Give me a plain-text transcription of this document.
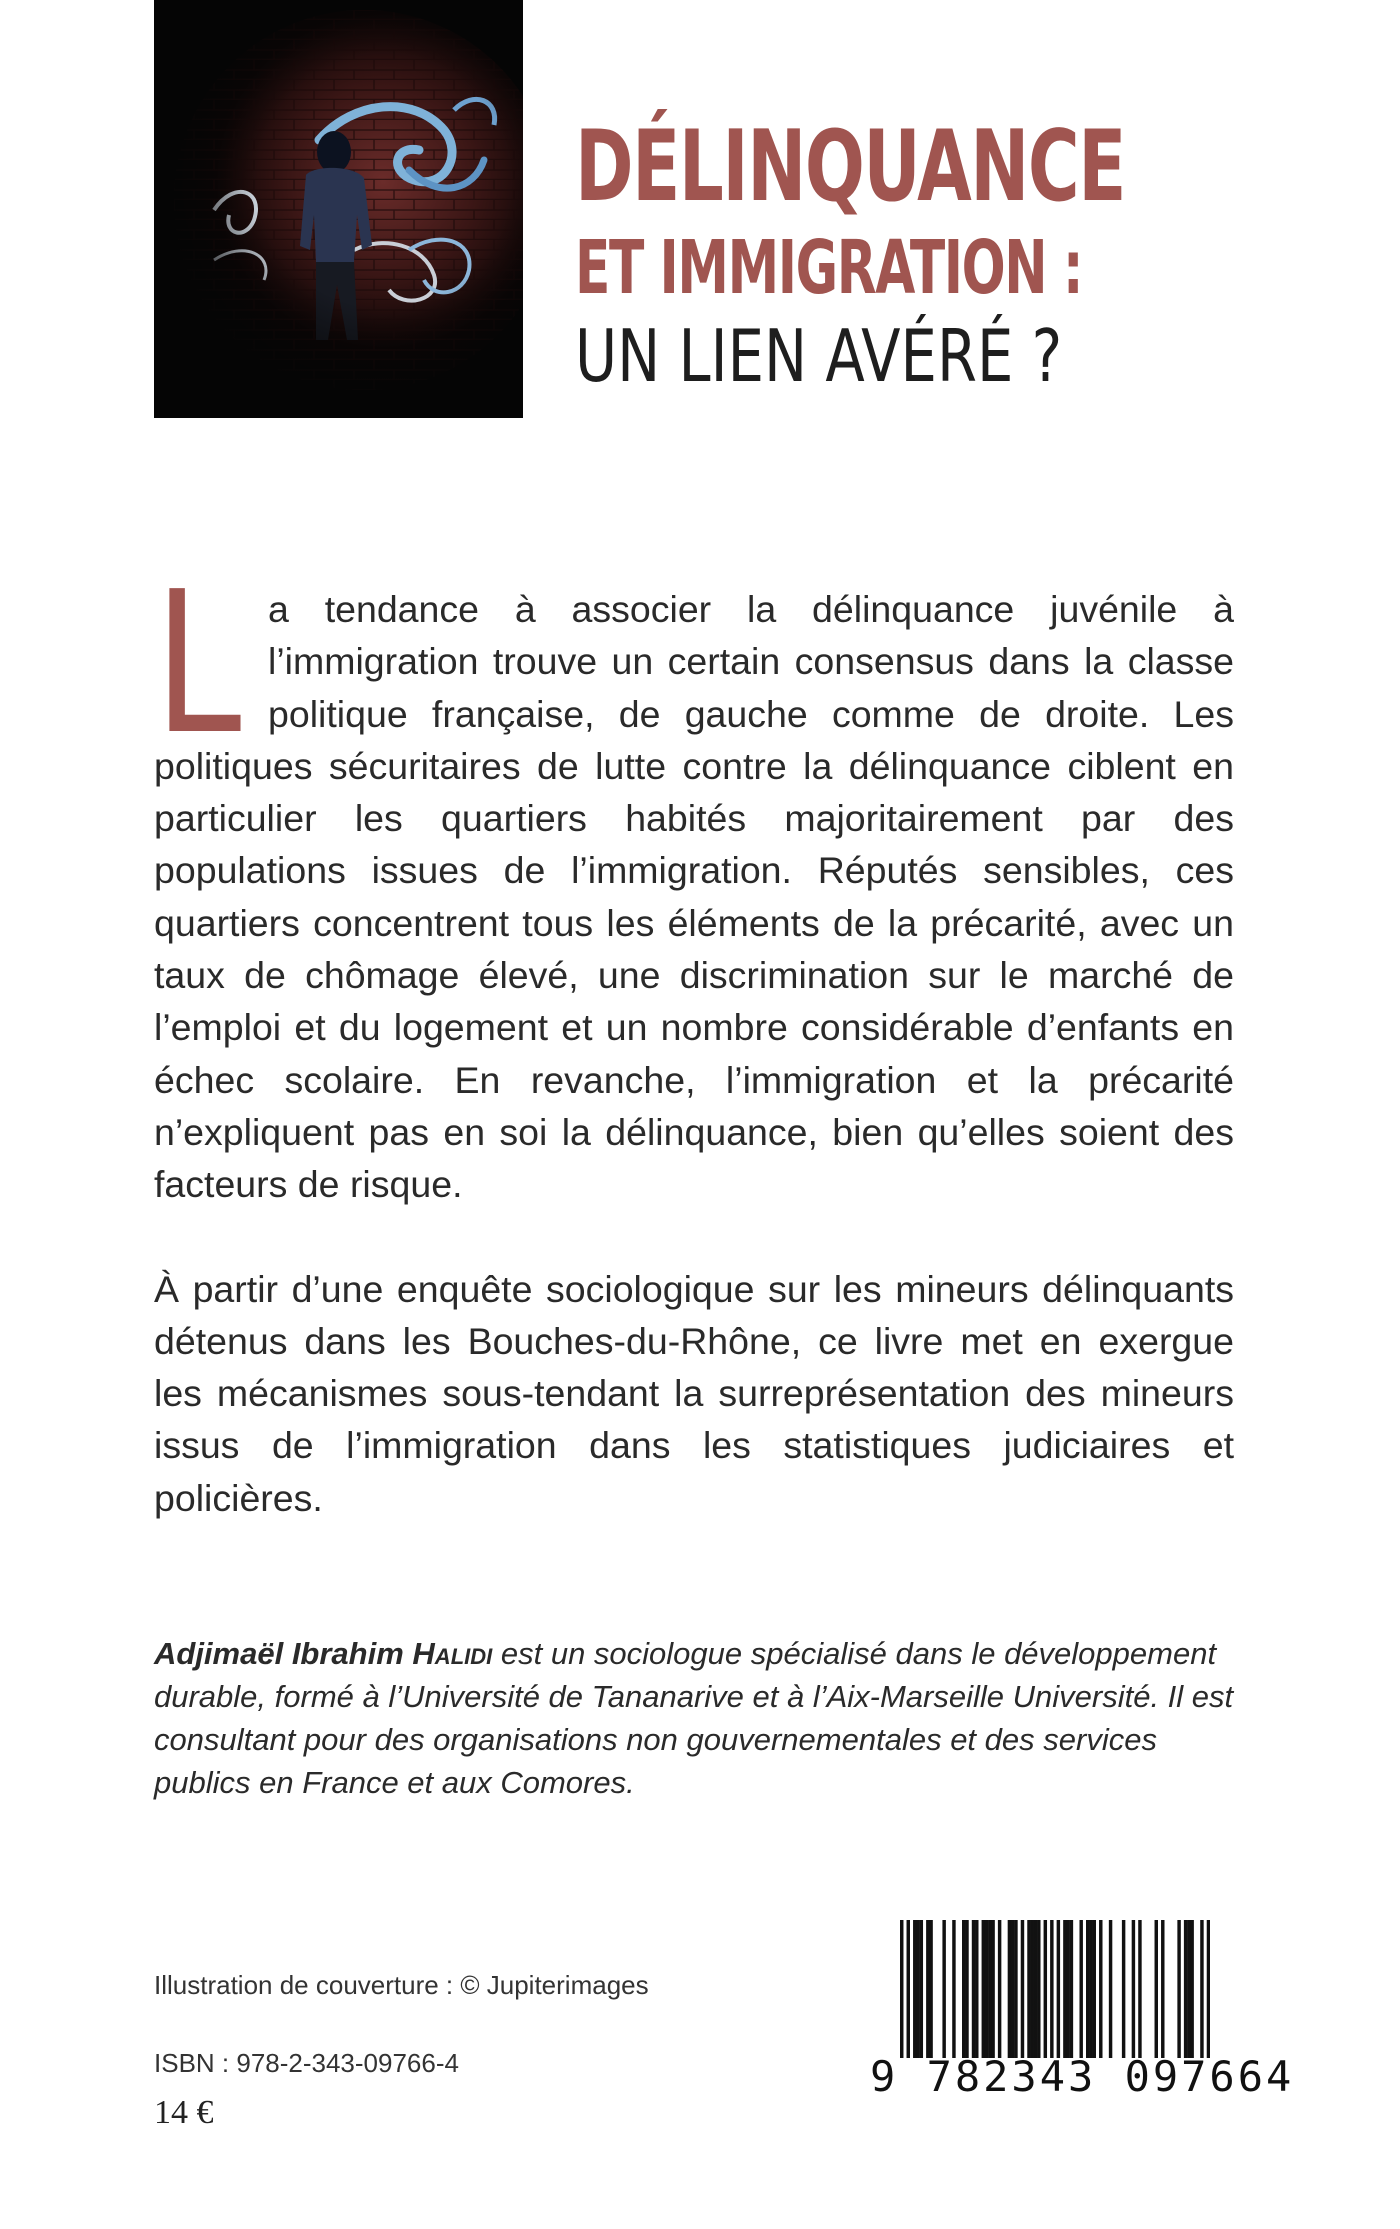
DÉLINQUANCE
ET IMMIGRATION :
UN LIEN AVÉRÉ ?
L a tendance à associer la délinquance juvénile à l’immigration trouve un certain consensus dans la classe politique française, de gauche comme de droite. Les politiques sécuritaires de lutte contre la délinquance ciblent en particulier les quartiers habités majoritairement par des populations issues de l’immigration. Réputés sensibles, ces quartiers concentrent tous les éléments de la précarité, avec un taux de chômage élevé, une discrimination sur le marché de l’emploi et du logement et un nombre considérable d’enfants en échec scolaire. En revanche, l’immigration et la précarité n’expliquent pas en soi la délinquance, bien qu’elles soient des facteurs de risque.

À partir d’une enquête sociologique sur les mineurs délinquants détenus dans les Bouches-du-Rhône, ce livre met en exergue les mécanismes sous-tendant la surreprésentation des mineurs issus de l’immigration dans les statistiques judiciaires et policières.

Adjimaël Ibrahim Halidi est un sociologue spécialisé dans le développement durable, formé à l’Université de Tananarive et à l’Aix-Marseille Université. Il est consultant pour des organisations non gouvernementales et des services publics en France et aux Comores.
Illustration de couverture : © Jupiterimages
ISBN : 978-2-343-09766-4
14 €
9 782343 097664
